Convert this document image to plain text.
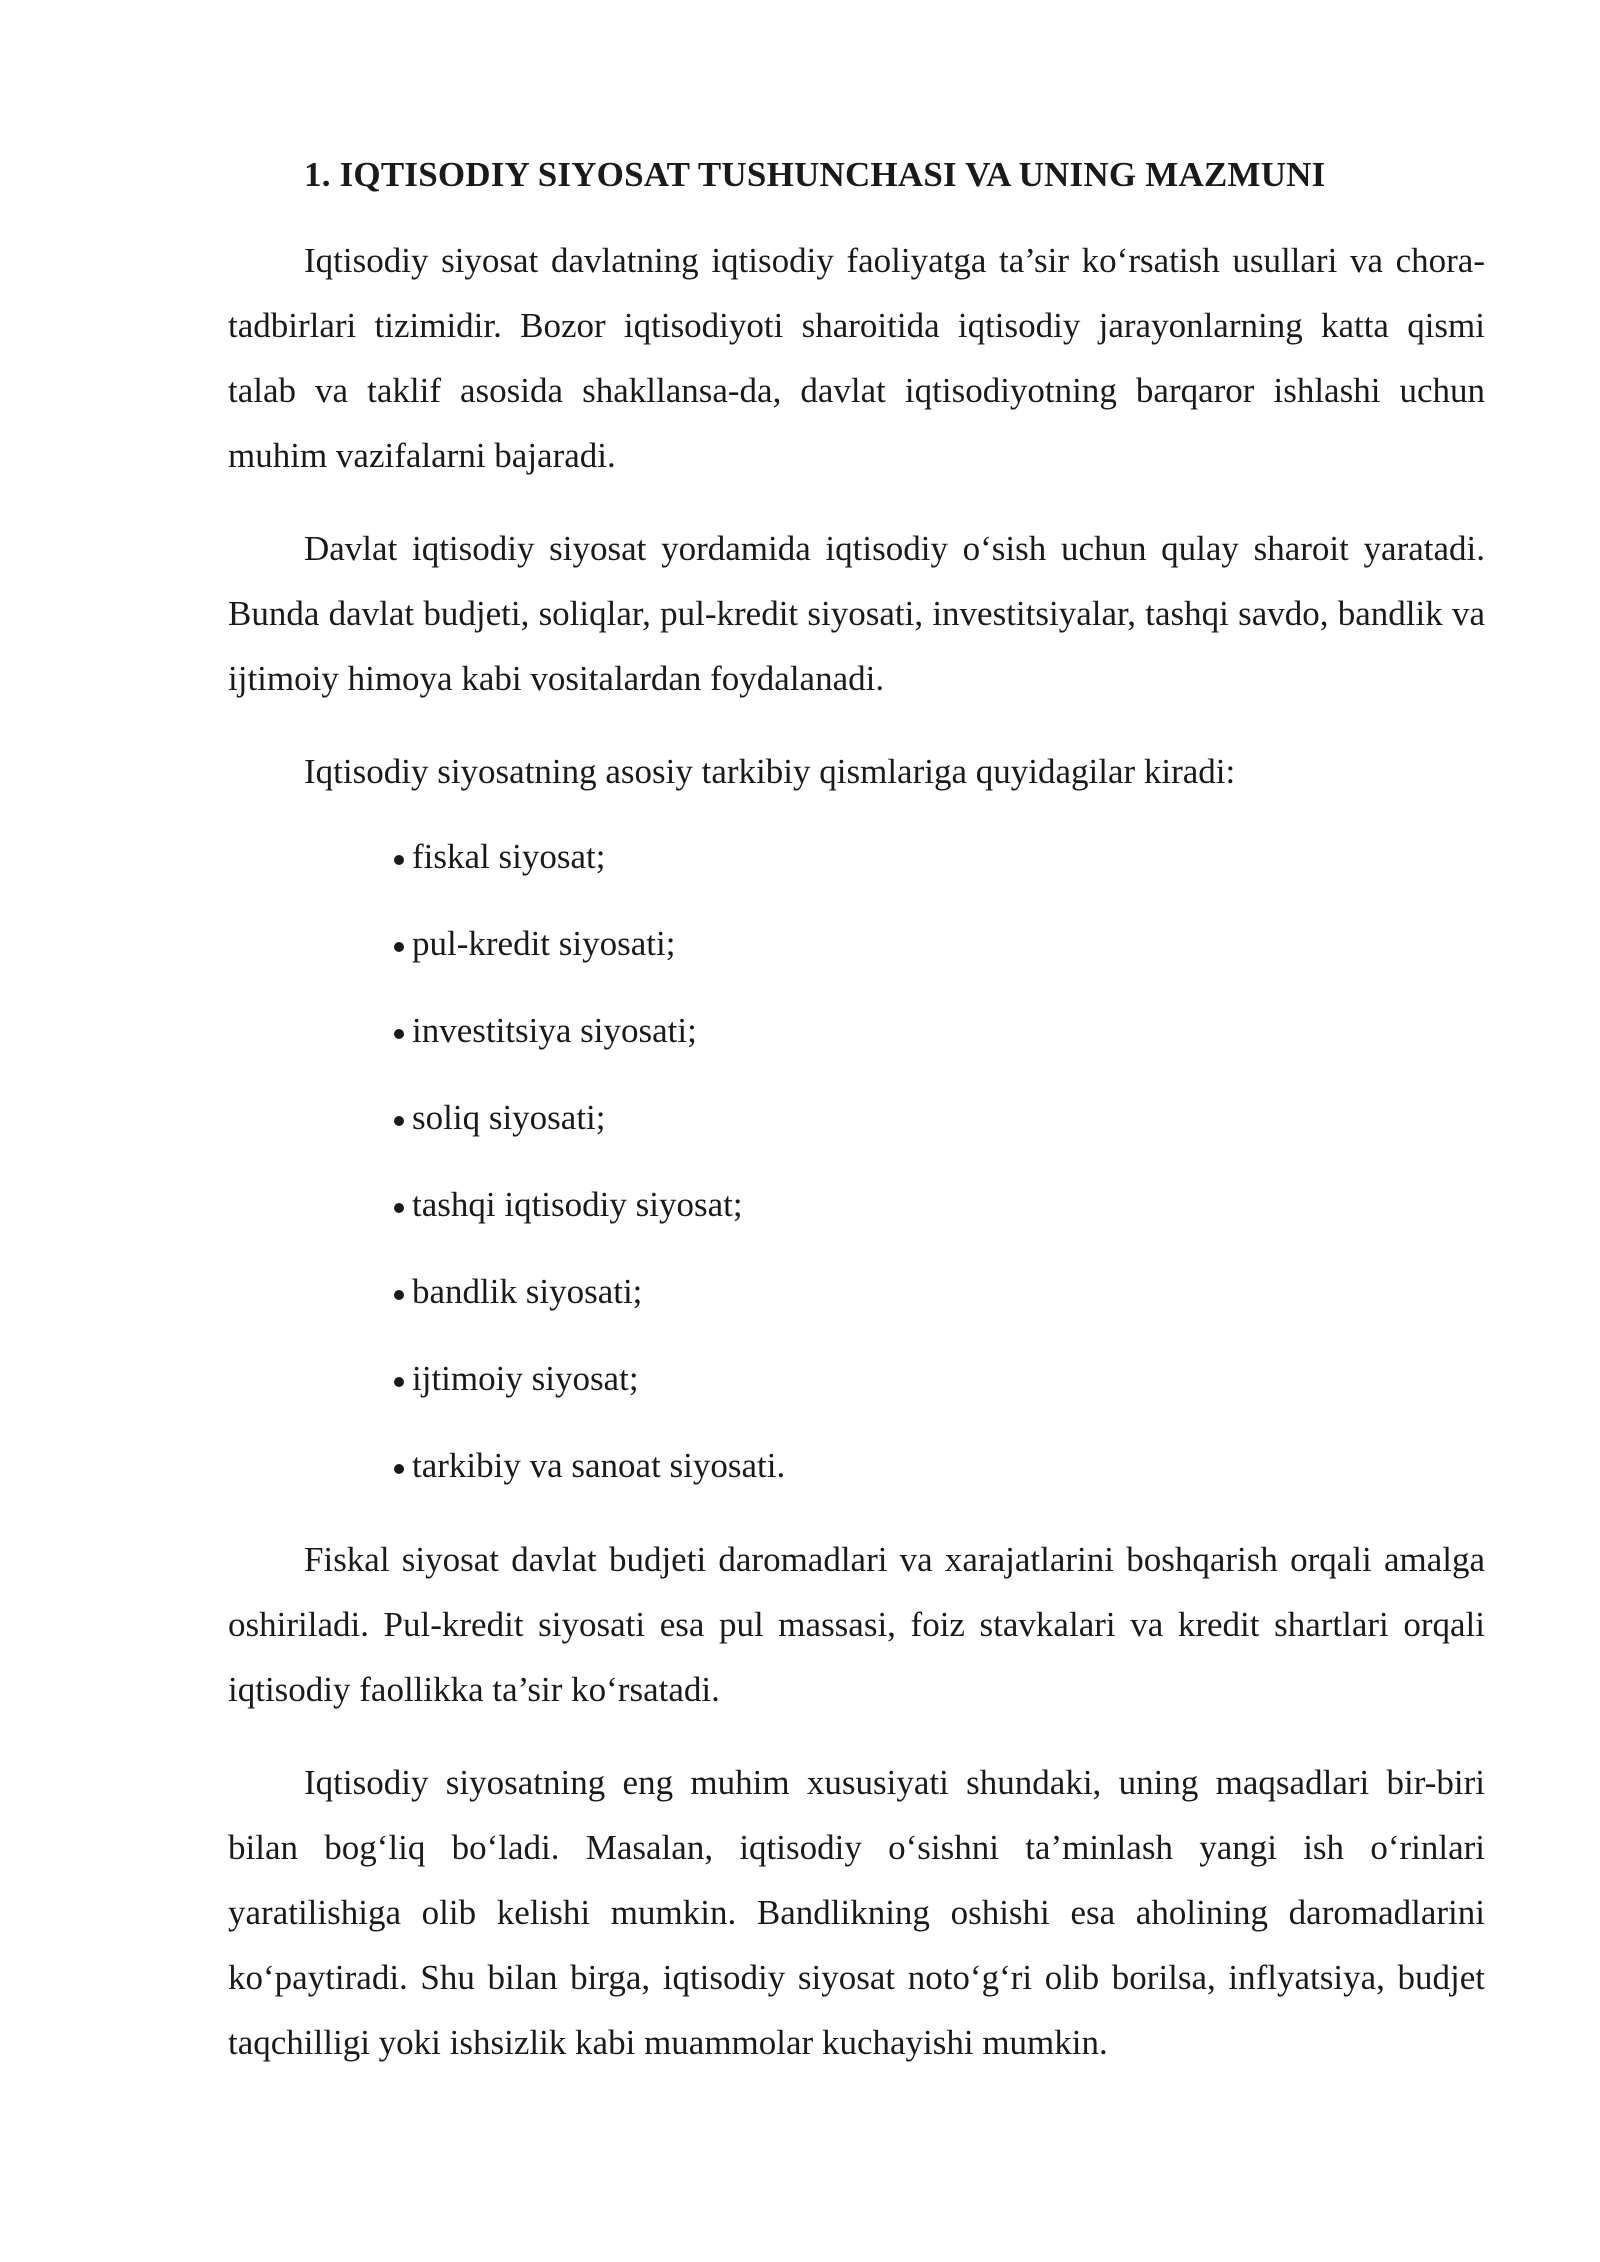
1. IQTISODIY SIYOSAT TUSHUNCHASI VA UNING MAZMUNI

Iqtisodiy siyosat davlatning iqtisodiy faoliyatga ta’sir ko‘rsatish usullari va chora-tadbirlari tizimidir. Bozor iqtisodiyoti sharoitida iqtisodiy jarayonlarning katta qismi talab va taklif asosida shakllansa-da, davlat iqtisodiyotning barqaror ishlashi uchun muhim vazifalarni bajaradi.

Davlat iqtisodiy siyosat yordamida iqtisodiy o‘sish uchun qulay sharoit yaratadi. Bunda davlat budjeti, soliqlar, pul-kredit siyosati, investitsiyalar, tashqi savdo, bandlik va ijtimoiy himoya kabi vositalardan foydalanadi.

Iqtisodiy siyosatning asosiy tarkibiy qismlariga quyidagilar kiradi:

fiskal siyosat;
pul-kredit siyosati;
investitsiya siyosati;
soliq siyosati;
tashqi iqtisodiy siyosat;
bandlik siyosati;
ijtimoiy siyosat;
tarkibiy va sanoat siyosati.

Fiskal siyosat davlat budjeti daromadlari va xarajatlarini boshqarish orqali amalga oshiriladi. Pul-kredit siyosati esa pul massasi, foiz stavkalari va kredit shartlari orqali iqtisodiy faollikka ta’sir ko‘rsatadi.

Iqtisodiy siyosatning eng muhim xususiyati shundaki, uning maqsadlari bir-biri bilan bog‘liq bo‘ladi. Masalan, iqtisodiy o‘sishni ta’minlash yangi ish o‘rinlari yaratilishiga olib kelishi mumkin. Bandlikning oshishi esa aholining daromadlarini ko‘paytiradi. Shu bilan birga, iqtisodiy siyosat noto‘g‘ri olib borilsa, inflyatsiya, budjet taqchilligi yoki ishsizlik kabi muammolar kuchayishi mumkin.
